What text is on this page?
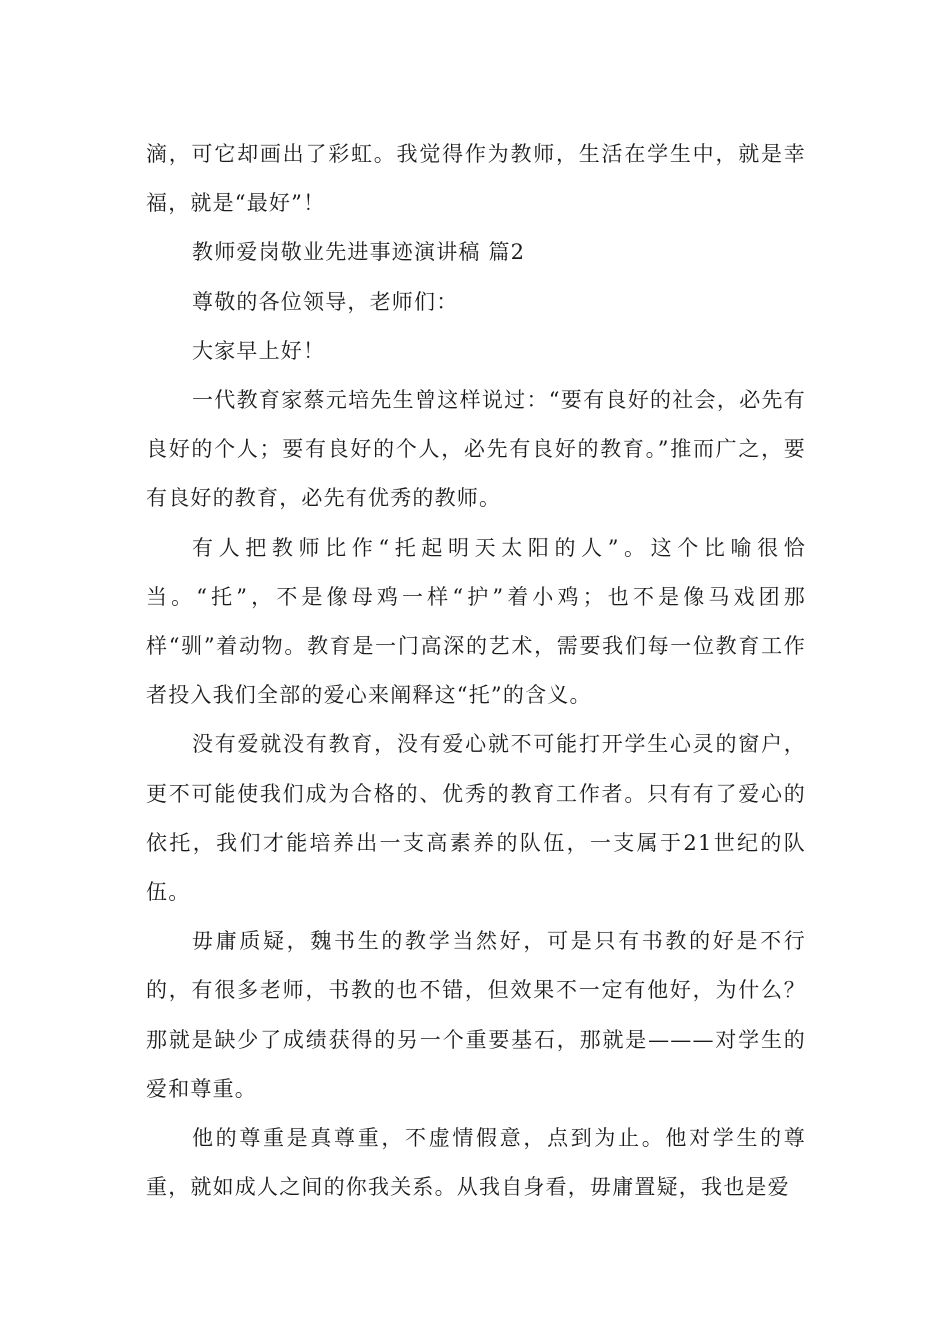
滴，可它却画出了彩虹。我觉得作为教师，生活在学生中，就是幸福，就是“最好”！

教师爱岗敬业先进事迹演讲稿 篇2

尊敬的各位领导，老师们：

大家早上好！

一代教育家蔡元培先生曾这样说过：“要有良好的社会，必先有良好的个人；要有良好的个人，必先有良好的教育。”推而广之，要有良好的教育，必先有优秀的教师。

有人把教师比作“托起明天太阳的人”。这个比喻很恰当。“托”，不是像母鸡一样“护”着小鸡；也不是像马戏团那样“驯”着动物。教育是一门高深的艺术，需要我们每一位教育工作者投入我们全部的爱心来阐释这“托”的含义。

没有爱就没有教育，没有爱心就不可能打开学生心灵的窗户，更不可能使我们成为合格的、优秀的教育工作者。只有有了爱心的依托，我们才能培养出一支高素养的队伍，一支属于21世纪的队伍。

毋庸质疑，魏书生的教学当然好，可是只有书教的好是不行的，有很多老师，书教的也不错，但效果不一定有他好，为什么？那就是缺少了成绩获得的另一个重要基石，那就是———对学生的爱和尊重。

他的尊重是真尊重，不虚情假意，点到为止。他对学生的尊重，就如成人之间的你我关系。从我自身看，毋庸置疑，我也是爱
